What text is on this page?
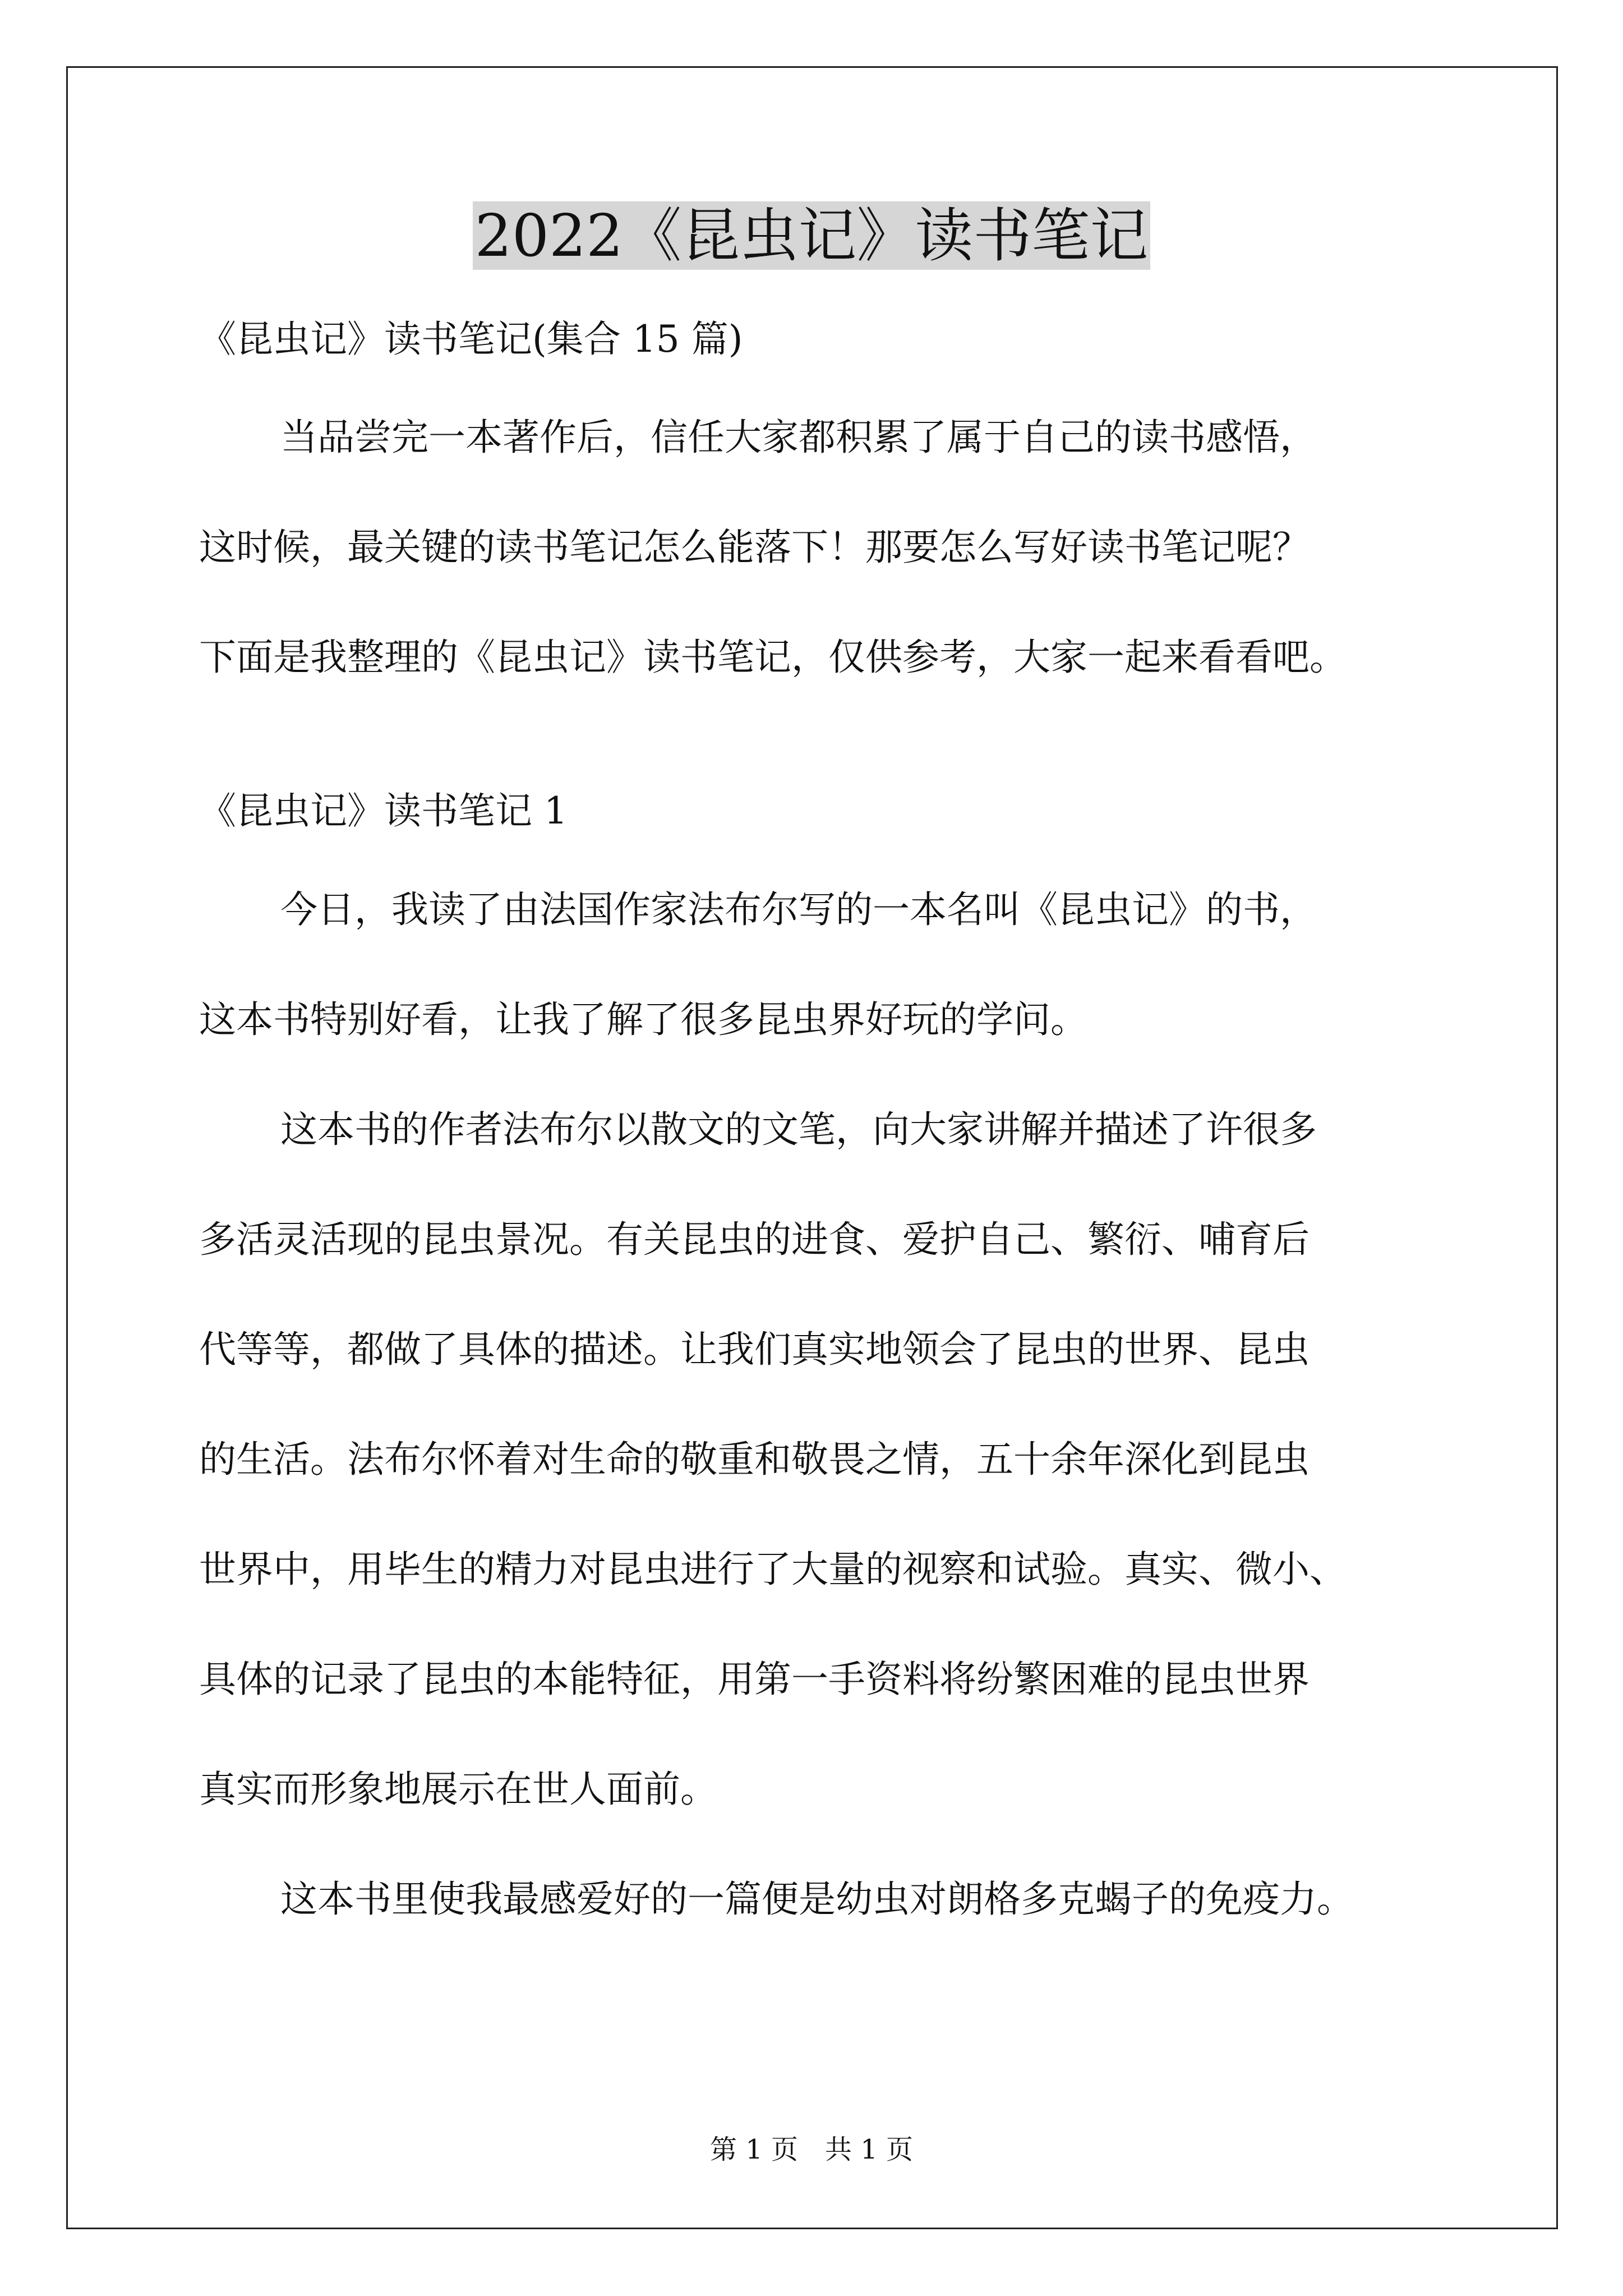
2022《昆虫记》读书笔记

《昆虫记》读书笔记(集合 15 篇)

当品尝完一本著作后，信任大家都积累了属于自己的读书感悟，
这时候，最关键的读书笔记怎么能落下！那要怎么写好读书笔记呢？
下面是我整理的《昆虫记》读书笔记，仅供参考，大家一起来看看吧。

《昆虫记》读书笔记 1

今日，我读了由法国作家法布尔写的一本名叫《昆虫记》的书，
这本书特别好看，让我了解了很多昆虫界好玩的学问。
这本书的作者法布尔以散文的文笔，向大家讲解并描述了许很多
多活灵活现的昆虫景况。有关昆虫的进食、爱护自己、繁衍、哺育后
代等等，都做了具体的描述。让我们真实地领会了昆虫的世界、昆虫
的生活。法布尔怀着对生命的敬重和敬畏之情，五十余年深化到昆虫
世界中，用毕生的精力对昆虫进行了大量的视察和试验。真实、微小、
具体的记录了昆虫的本能特征，用第一手资料将纷繁困难的昆虫世界
真实而形象地展示在世人面前。
这本书里使我最感爱好的一篇便是幼虫对朗格多克蝎子的免疫力。
第 1 页　共 1 页
